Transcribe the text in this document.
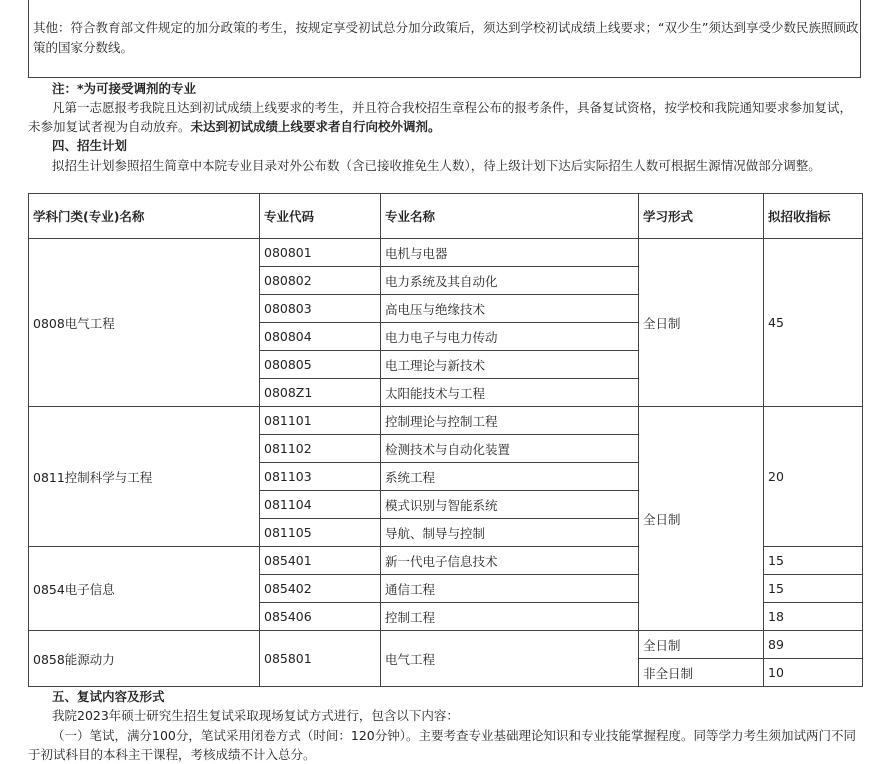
其他：符合教育部文件规定的加分政策的考生，按规定享受初试总分加分政策后，须达到学校初试成绩上线要求；“双少生”须达到享受少数民族照顾政策的国家分数线。
注：*为可接受调剂的专业
凡第一志愿报考我院且达到初试成绩上线要求的考生，并且符合我校招生章程公布的报考条件，具备复试资格，按学校和我院通知要求参加复试，未参加复试者视为自动放弃。未达到初试成绩上线要求者自行向校外调剂。
四、招生计划
拟招生计划参照招生简章中本院专业目录对外公布数（含已接收推免生人数），待上级计划下达后实际招生人数可根据生源情况做部分调整。
学科门类(专业)名称	专业代码	专业名称	学习形式	拟招收指标
0808电气工程	080801	电机与电器	全日制	45
	080802	电力系统及其自动化		
	080803	高电压与绝缘技术		
	080804	电力电子与电力传动		
	080805	电工理论与新技术		
	0808Z1	太阳能技术与工程		
0811控制科学与工程	081101	控制理论与控制工程	全日制	20
	081102	检测技术与自动化装置		
	081103	系统工程		
	081104	模式识别与智能系统		
	081105	导航、制导与控制		
0854电子信息	085401	新一代电子信息技术		15
	085402	通信工程		15
	085406	控制工程		18
0858能源动力	085801	电气工程	全日制	89
			非全日制	10
五、复试内容及形式
我院2023年硕士研究生招生复试采取现场复试方式进行，包含以下内容：
（一）笔试，满分100分，笔试采用闭卷方式（时间：120分钟）。主要考查专业基础理论知识和专业技能掌握程度。同等学力考生须加试两门不同于初试科目的本科主干课程，考核成绩不计入总分。
